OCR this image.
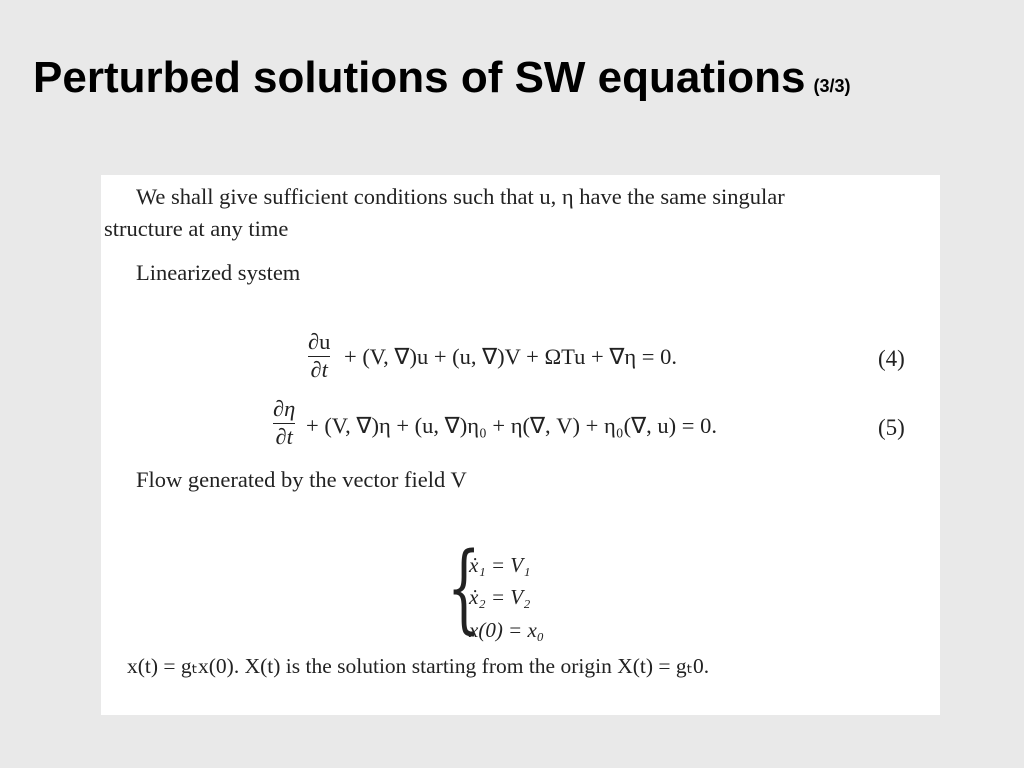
Perturbed solutions of SW equations (3/3)
We shall give sufficient conditions such that u, η have the same singular
structure at any time
Linearized system
$\frac{\partial u}{\partial t} + (V$, ∇)u + (u, ∇)V + ΩTu + ∇η = 0.	(4)
$\frac{\partial\eta}{\partial t} + (V$, ∇)η + (u, ∇)η₀ + η(∇, V) + η₀(∇, u) = 0.	(5)
Flow generated by the vector field V
{
ẋ₁ = V₁
ẋ₂ = V₂
x(0) = x₀
x(t) = gₜx(0). X(t) is the solution starting from the origin X(t) = gₜ0.
